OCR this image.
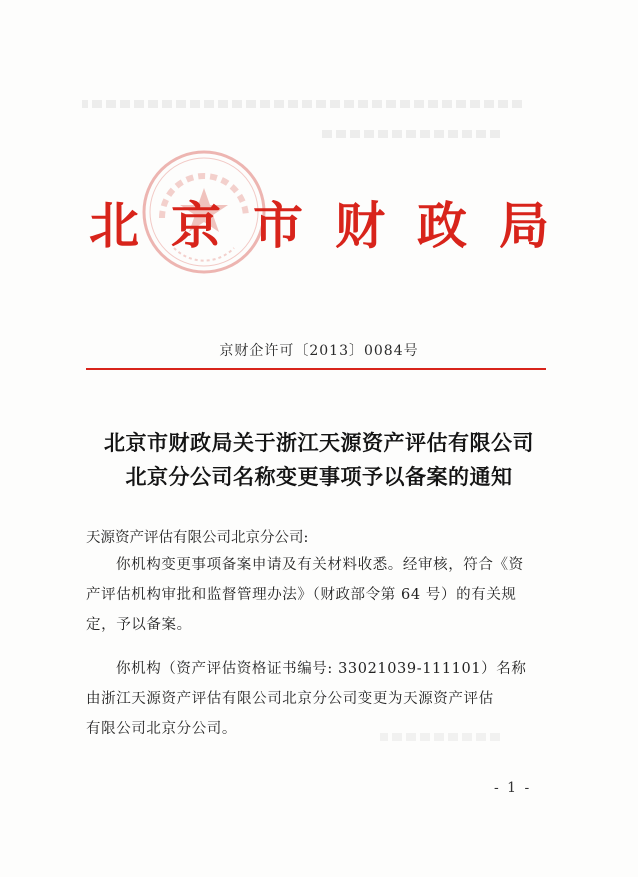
北京市财政局
京财企许可〔2013〕0084号
北京市财政局关于浙江天源资产评估有限公司
北京分公司名称变更事项予以备案的通知
天源资产评估有限公司北京分公司:
你机构变更事项备案申请及有关材料收悉。经审核，符合《资
产评估机构审批和监督管理办法》（财政部令第 64 号）的有关规
定，予以备案。
你机构（资产评估资格证书编号: 33021039-111101）名称
由浙江天源资产评估有限公司北京分公司变更为天源资产评估
有限公司北京分公司。
- 1 -
